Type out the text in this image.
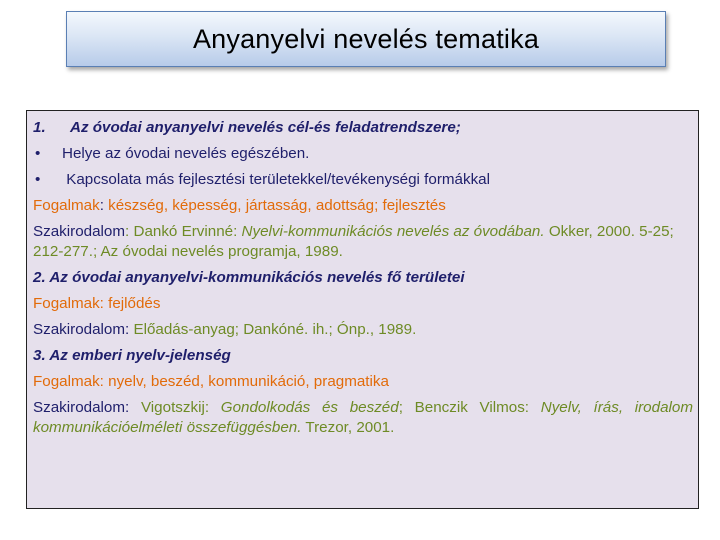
Anyanyelvi nevelés tematika

1. Az óvodai anyanyelvi nevelés cél-és feladatrendszere;

• Helye az óvodai nevelés egészében.

• Kapcsolata más fejlesztési területekkel/tevékenységi formákkal

Fogalmak: készség, képesség, jártasság, adottság; fejlesztés

Szakirodalom: Dankó Ervinné: Nyelvi-kommunikációs nevelés az óvodában. Okker, 2000. 5-25; 212-277.; Az óvodai nevelés programja, 1989.

2. Az óvodai anyanyelvi-kommunikációs nevelés fő területei

Fogalmak: fejlődés

Szakirodalom: Előadás-anyag; Dankóné. ih.; Ónp., 1989.

3. Az emberi nyelv-jelenség

Fogalmak: nyelv, beszéd, kommunikáció, pragmatika

Szakirodalom: Vigotszkij: Gondolkodás és beszéd; Benczik Vilmos: Nyelv, írás, irodalom kommunikációelméleti összefüggésben. Trezor, 2001.
